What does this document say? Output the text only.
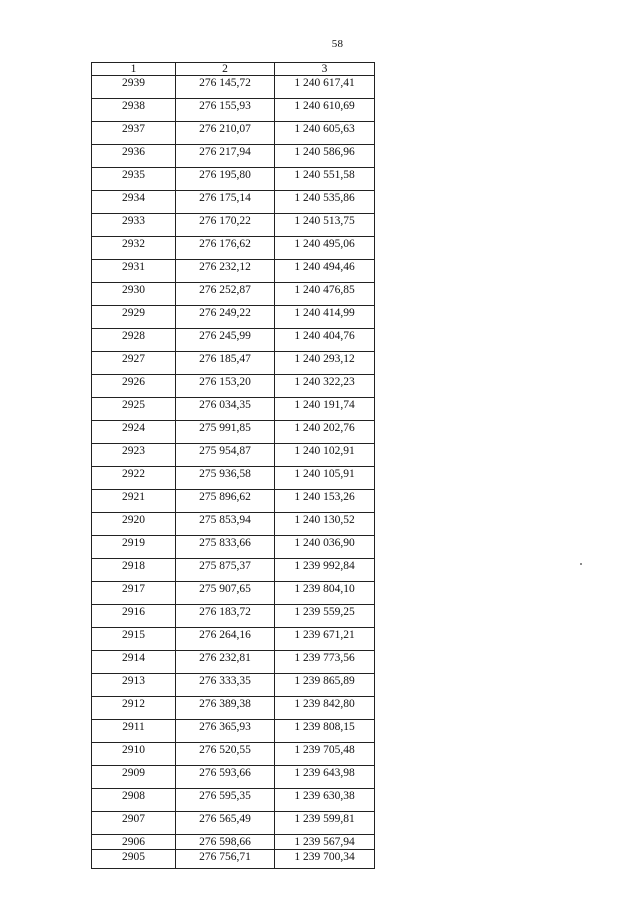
58
1	2	3
2939	276 145,72	1 240 617,41
2938	276 155,93	1 240 610,69
2937	276 210,07	1 240 605,63
2936	276 217,94	1 240 586,96
2935	276 195,80	1 240 551,58
2934	276 175,14	1 240 535,86
2933	276 170,22	1 240 513,75
2932	276 176,62	1 240 495,06
2931	276 232,12	1 240 494,46
2930	276 252,87	1 240 476,85
2929	276 249,22	1 240 414,99
2928	276 245,99	1 240 404,76
2927	276 185,47	1 240 293,12
2926	276 153,20	1 240 322,23
2925	276 034,35	1 240 191,74
2924	275 991,85	1 240 202,76
2923	275 954,87	1 240 102,91
2922	275 936,58	1 240 105,91
2921	275 896,62	1 240 153,26
2920	275 853,94	1 240 130,52
2919	275 833,66	1 240 036,90
2918	275 875,37	1 239 992,84
2917	275 907,65	1 239 804,10
2916	276 183,72	1 239 559,25
2915	276 264,16	1 239 671,21
2914	276 232,81	1 239 773,56
2913	276 333,35	1 239 865,89
2912	276 389,38	1 239 842,80
2911	276 365,93	1 239 808,15
2910	276 520,55	1 239 705,48
2909	276 593,66	1 239 643,98
2908	276 595,35	1 239 630,38
2907	276 565,49	1 239 599,81
2906	276 598,66	1 239 567,94
2905	276 756,71	1 239 700,34
